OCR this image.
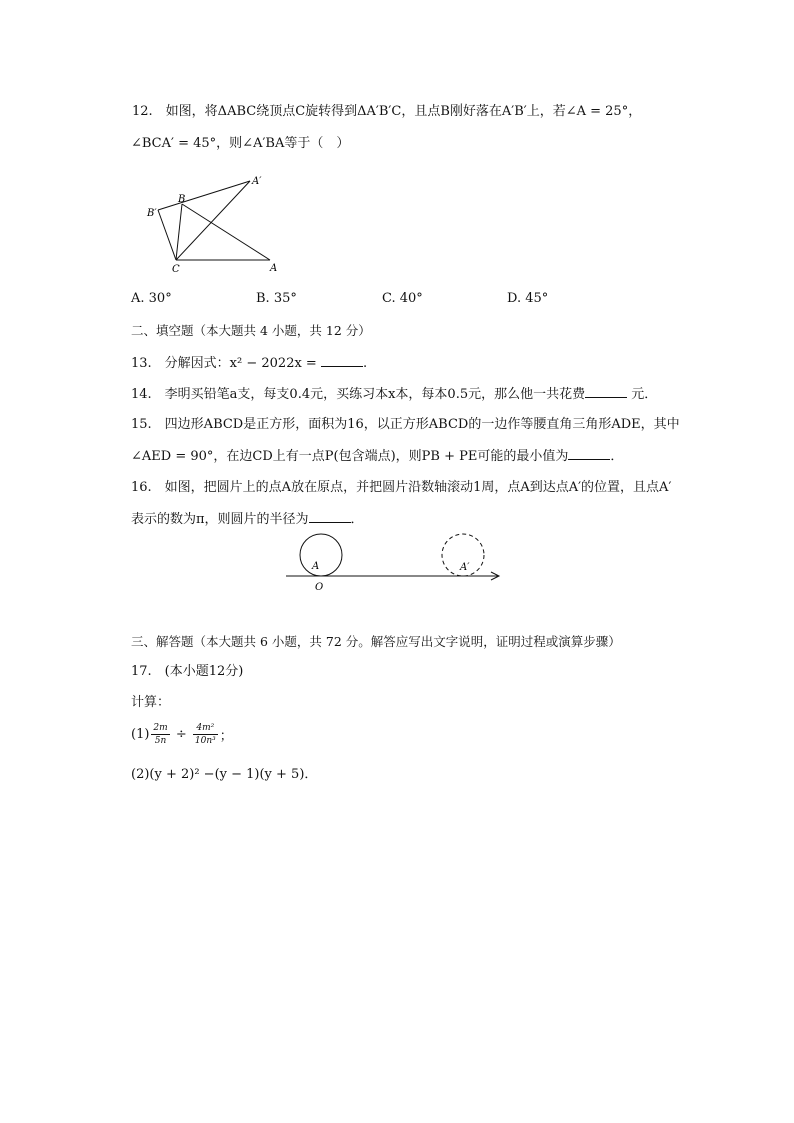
12.　如图，将ΔABC绕顶点C旋转得到ΔA′B′C，且点B刚好落在A′B′上，若∠A = 25°，
∠BCA′ = 45°，则∠A′BA等于（　）
A′
B
B′
C	A
A. 30°	B. 35°	C. 40°	D. 45°
二、填空题（本大题共 4 小题，共 12 分）
13.　分解因式：x² − 2022x =	.
14.　李明买铅笔a支，每支0.4元，买练习本x本，每本0.5元，那么他一共花费	元．
15.　四边形ABCD是正方形，面积为16，以正方形ABCD的一边作等腰直角三角形ADE，其中
∠AED = 90°，在边CD上有一点P(包含端点)，则PB + PE可能的最小值为	．
16.　如图，把圆片上的点A放在原点，并把圆片沿数轴滚动1周，点A到达点A′的位置，且点A′
表示的数为π，则圆片的半径为	．
A	A′
O
三、解答题（本大题共 6 小题，共 72 分。解答应写出文字说明，证明过程或演算步骤）
17.　(本小题12分)
计算：
$(1) \frac{2m}{5n} \div \frac{\text{4m²}}{\text{10n³}}$ ；
(2)(y + 2)² −(y − 1)(y + 5)．
